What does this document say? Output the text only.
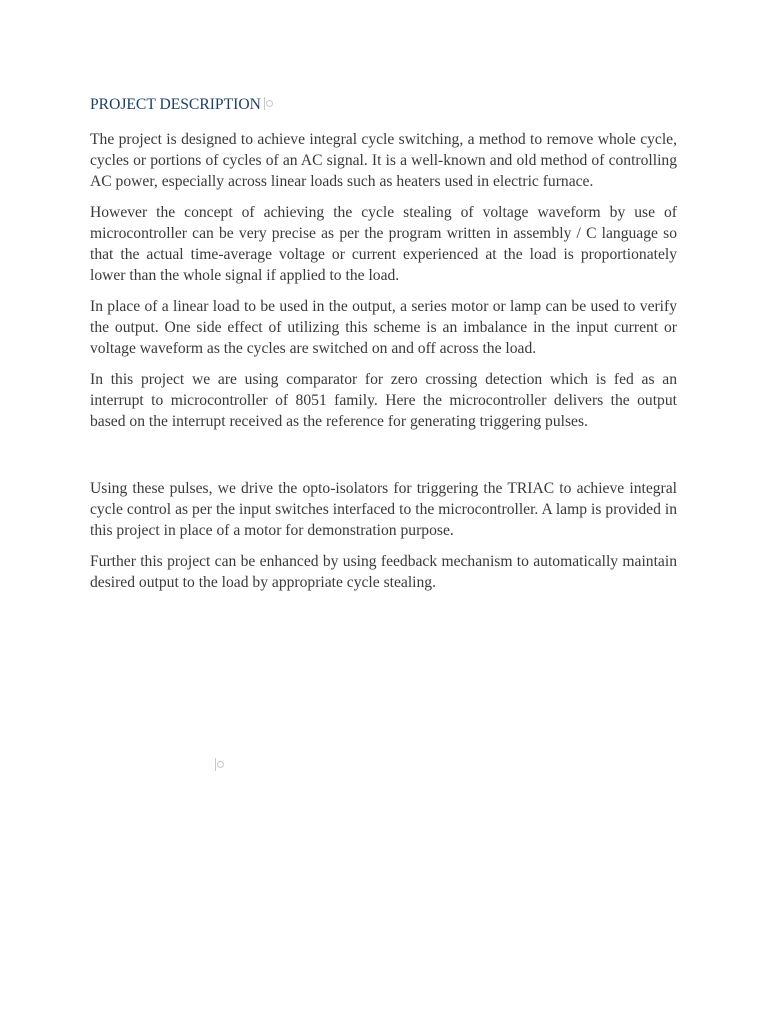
PROJECT DESCRIPTION

The project is designed to achieve integral cycle switching, a method to remove whole cycle, cycles or portions of cycles of an AC signal. It is a well-known and old method of controlling AC power, especially across linear loads such as heaters used in electric furnace.

However the concept of achieving the cycle stealing of voltage waveform by use of microcontroller can be very precise as per the program written in assembly / C language so that the actual time-average voltage or current experienced at the load is proportionately lower than the whole signal if applied to the load.

In place of a linear load to be used in the output, a series motor or lamp can be used to verify the output. One side effect of utilizing this scheme is an imbalance in the input current or voltage waveform as the cycles are switched on and off across the load.

In this project we are using comparator for zero crossing detection which is fed as an interrupt to microcontroller of 8051 family. Here the microcontroller delivers the output based on the interrupt received as the reference for generating triggering pulses.

Using these pulses, we drive the opto-isolators for triggering the TRIAC to achieve integral cycle control as per the input switches interfaced to the microcontroller. A lamp is provided in this project in place of a motor for demonstration purpose.

Further this project can be enhanced by using feedback mechanism to automatically maintain desired output to the load by appropriate cycle stealing.
